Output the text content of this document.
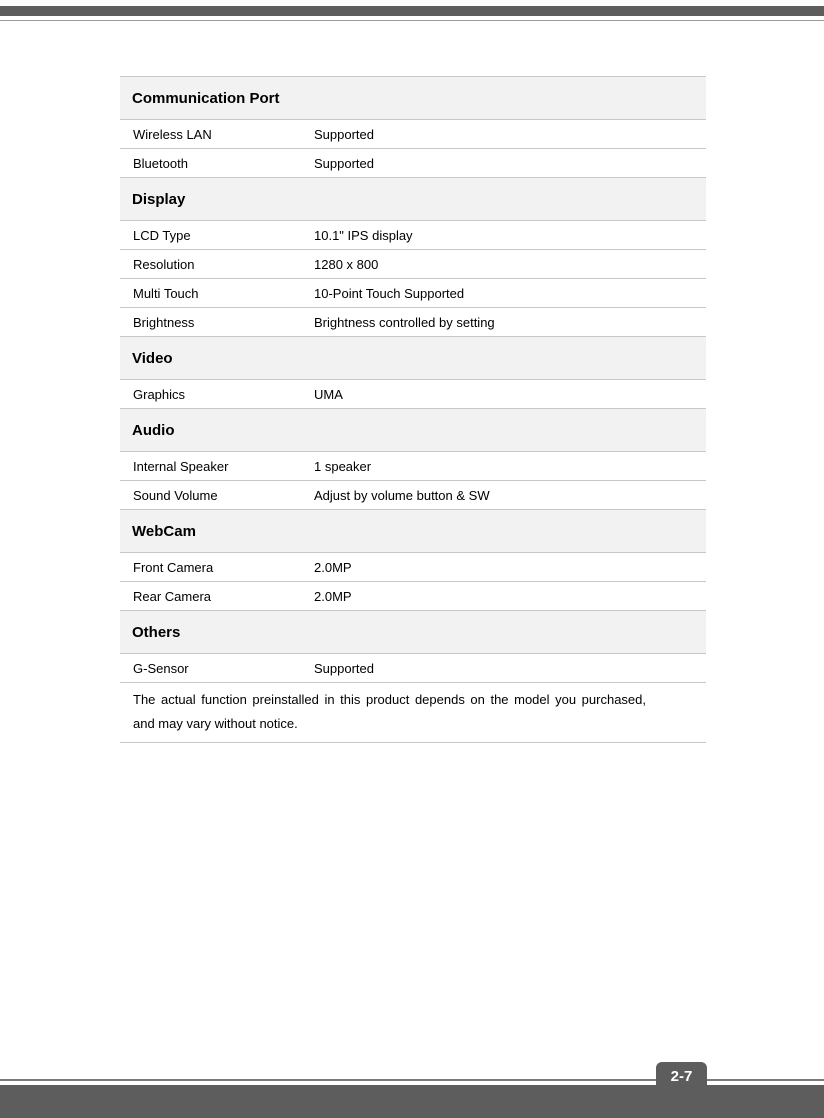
Communication Port
Wireless LAN	Supported
Bluetooth	Supported
Display
LCD Type	10.1" IPS display
Resolution	1280 x 800
Multi Touch	10-Point Touch Supported
Brightness	Brightness controlled by setting
Video
Graphics	UMA
Audio
Internal Speaker	1 speaker
Sound Volume	Adjust by volume button & SW
WebCam
Front Camera	2.0MP
Rear Camera	2.0MP
Others
G-Sensor	Supported
The actual function preinstalled in this product depends on the model you purchased, and may vary without notice.
2-7
